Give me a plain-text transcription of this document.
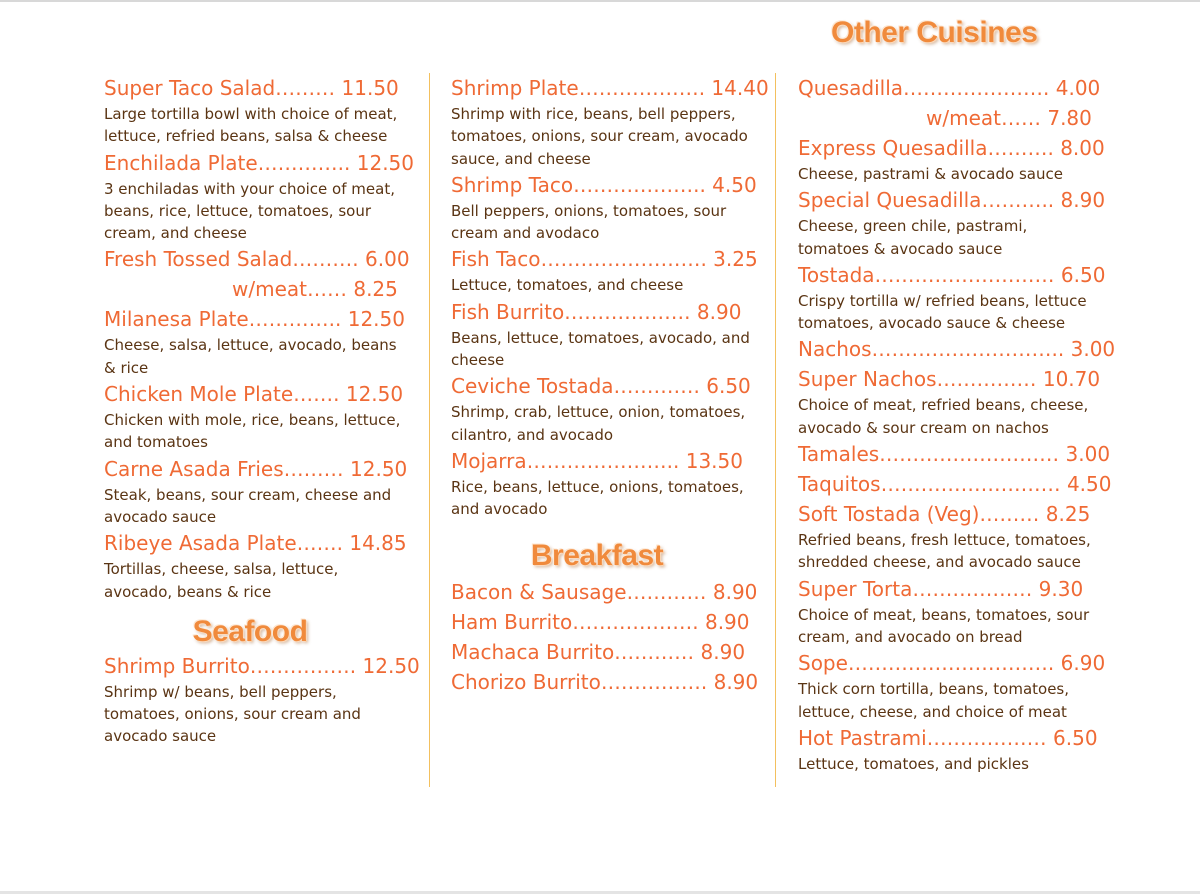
Other Cuisines
Super Taco Salad……… 11.50
Large tortilla bowl with choice of meat, lettuce, refried beans, salsa & cheese
Enchilada Plate………….. 12.50
3 enchiladas with your choice of meat, beans, rice, lettuce, tomatoes, sour cream, and cheese
Fresh Tossed Salad………. 6.00
w/meat…… 8.25
Milanesa Plate………….. 12.50
Cheese, salsa, lettuce, avocado, beans & rice
Chicken Mole Plate……. 12.50
Chicken with mole, rice, beans, lettuce, and tomatoes
Carne Asada Fries……… 12.50
Steak, beans, sour cream, cheese and avocado sauce
Ribeye Asada Plate……. 14.85
Tortillas, cheese, salsa, lettuce, avocado, beans & rice
Seafood
Shrimp Burrito……………. 12.50
Shrimp w/ beans, bell peppers, tomatoes, onions, sour cream and avocado sauce
Shrimp Plate………………. 14.40
Shrimp with rice, beans, bell peppers, tomatoes, onions, sour cream, avocado sauce, and cheese
Shrimp Taco……………….. 4.50
Bell peppers, onions, tomatoes, sour cream and avodaco
Fish Taco……………………. 3.25
Lettuce, tomatoes, and cheese
Fish Burrito………………. 8.90
Beans, lettuce, tomatoes, avocado, and cheese
Ceviche Tostada…………. 6.50
Shrimp, crab, lettuce, onion, tomatoes, cilantro, and avocado
Mojarra………………….. 13.50
Rice, beans, lettuce, onions, tomatoes, and avocado
Breakfast
Bacon & Sausage………… 8.90
Ham Burrito………………. 8.90
Machaca Burrito………… 8.90
Chorizo Burrito……………. 8.90
Quesadilla…………………. 4.00
w/meat…… 7.80
Express Quesadilla………. 8.00
Cheese, pastrami & avocado sauce
Special Quesadilla……….. 8.90
Cheese, green chile, pastrami, tomatoes & avocado sauce
Tostada……………………… 6.50
Crispy tortilla w/ refried beans, lettuce tomatoes, avocado sauce & cheese
Nachos……………………….. 3.00
Super Nachos…………… 10.70
Choice of meat, refried beans, cheese, avocado & sour cream on nachos
Tamales……………………… 3.00
Taquitos……………………… 4.50
Soft Tostada (Veg)……… 8.25
Refried beans, fresh lettuce, tomatoes, shredded cheese, and avocado sauce
Super Torta……………… 9.30
Choice of meat, beans, tomatoes, sour cream, and avocado on bread
Sope…………………………. 6.90
Thick corn tortilla, beans, tomatoes, lettuce, cheese, and choice of meat
Hot Pastrami……………… 6.50
Lettuce, tomatoes, and pickles
